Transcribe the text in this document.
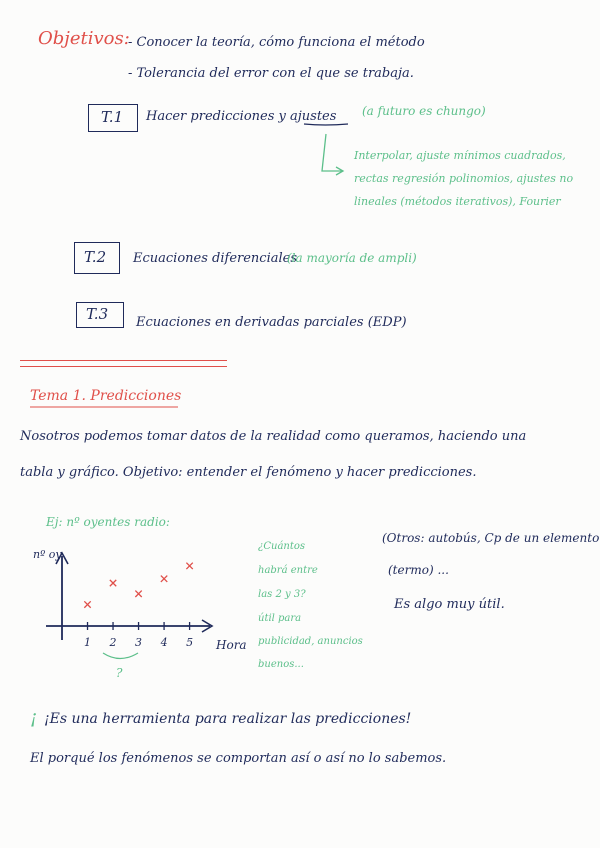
Objetivos:
- Conocer la teoría, cómo funciona el método
- Tolerancia del error con el que se trabaja.
T.1 Hacer predicciones y ajustes (a futuro es chungo)
Interpolar, ajuste mínimos cuadrados,
rectas regresión polinomios, ajustes no
lineales (métodos iterativos), Fourier
T.2 Ecuaciones diferenciales
(la mayoría de ampli)
T.3 Ecuaciones en derivadas parciales (EDP)
Tema 1. Predicciones
Nosotros podemos tomar datos de la realidad como queramos, haciendo una
tabla y gráfico. Objetivo: entender el fenómeno y hacer predicciones.
Ej: nº oyentes radio:
nº oy
Hora
?
¿Cuántos
habrá entre
las 2 y 3?
útil para
publicidad, anuncios
buenos...
(Otros: autobús, Cp de un elemento
(termo) ...
Es algo muy útil.
¡ ¡Es una herramienta para realizar las predicciones!
El porqué los fenómenos se comportan así o así no lo sabemos.
1 2 3 4 5
